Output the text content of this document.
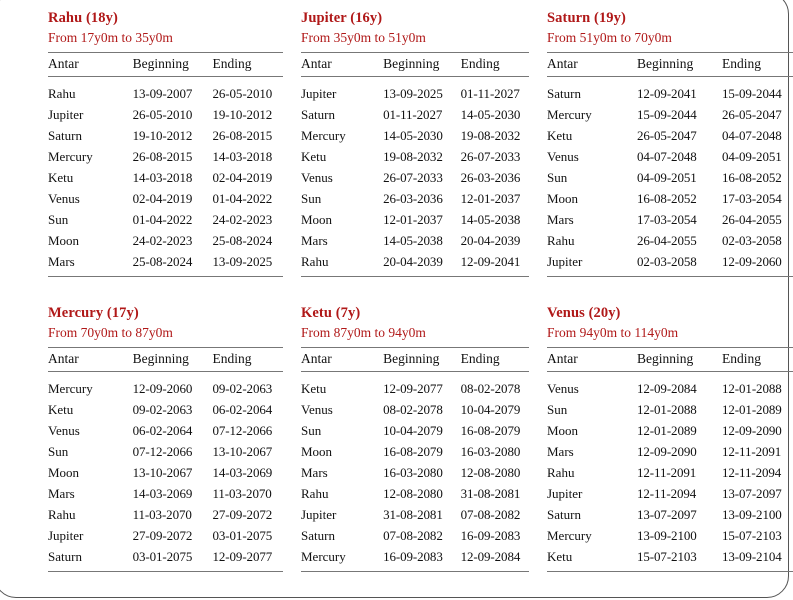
Rahu (18y)
From 17y0m to 35y0m
Antar	Beginning	Ending
Rahu	13-09-2007	26-05-2010
Jupiter	26-05-2010	19-10-2012
Saturn	19-10-2012	26-08-2015
Mercury	26-08-2015	14-03-2018
Ketu	14-03-2018	02-04-2019
Venus	02-04-2019	01-04-2022
Sun	01-04-2022	24-02-2023
Moon	24-02-2023	25-08-2024
Mars	25-08-2024	13-09-2025
Jupiter (16y)
From 35y0m to 51y0m
Antar	Beginning	Ending
Jupiter	13-09-2025	01-11-2027
Saturn	01-11-2027	14-05-2030
Mercury	14-05-2030	19-08-2032
Ketu	19-08-2032	26-07-2033
Venus	26-07-2033	26-03-2036
Sun	26-03-2036	12-01-2037
Moon	12-01-2037	14-05-2038
Mars	14-05-2038	20-04-2039
Rahu	20-04-2039	12-09-2041
Saturn (19y)
From 51y0m to 70y0m
Antar	Beginning	Ending
Saturn	12-09-2041	15-09-2044
Mercury	15-09-2044	26-05-2047
Ketu	26-05-2047	04-07-2048
Venus	04-07-2048	04-09-2051
Sun	04-09-2051	16-08-2052
Moon	16-08-2052	17-03-2054
Mars	17-03-2054	26-04-2055
Rahu	26-04-2055	02-03-2058
Jupiter	02-03-2058	12-09-2060
Mercury (17y)
From 70y0m to 87y0m
Antar	Beginning	Ending
Mercury	12-09-2060	09-02-2063
Ketu	09-02-2063	06-02-2064
Venus	06-02-2064	07-12-2066
Sun	07-12-2066	13-10-2067
Moon	13-10-2067	14-03-2069
Mars	14-03-2069	11-03-2070
Rahu	11-03-2070	27-09-2072
Jupiter	27-09-2072	03-01-2075
Saturn	03-01-2075	12-09-2077
Ketu (7y)
From 87y0m to 94y0m
Antar	Beginning	Ending
Ketu	12-09-2077	08-02-2078
Venus	08-02-2078	10-04-2079
Sun	10-04-2079	16-08-2079
Moon	16-08-2079	16-03-2080
Mars	16-03-2080	12-08-2080
Rahu	12-08-2080	31-08-2081
Jupiter	31-08-2081	07-08-2082
Saturn	07-08-2082	16-09-2083
Mercury	16-09-2083	12-09-2084
Venus (20y)
From 94y0m to 114y0m
Antar	Beginning	Ending
Venus	12-09-2084	12-01-2088
Sun	12-01-2088	12-01-2089
Moon	12-01-2089	12-09-2090
Mars	12-09-2090	12-11-2091
Rahu	12-11-2091	12-11-2094
Jupiter	12-11-2094	13-07-2097
Saturn	13-07-2097	13-09-2100
Mercury	13-09-2100	15-07-2103
Ketu	15-07-2103	13-09-2104
